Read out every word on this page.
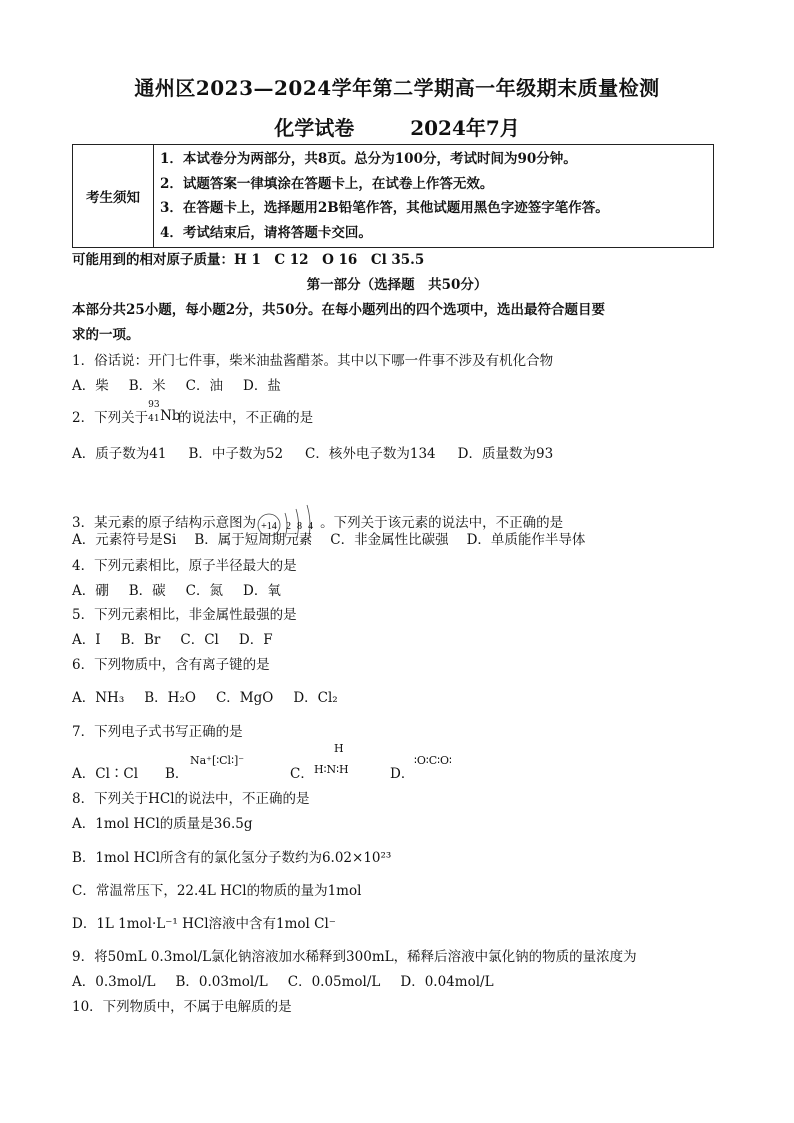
通州区2023—2024学年第二学期高一年级期末质量检测
化学试卷	2024年7月
考生须知	
1．本试卷分为两部分，共8页。总分为100分，考试时间为90分钟。
2．试题答案一律填涂在答题卡上，在试卷上作答无效。
3．在答题卡上，选择题用2B铅笔作答，其他试题用黑色字迹签字笔作答。
4．考试结束后，请将答题卡交回。
可能用到的相对原子质量：H 1　C 12　O 16　Cl 35.5
第一部分（选择题　共50分）
本部分共25小题，每小题2分，共50分。在每小题列出的四个选项中，选出最符合题目要
求的一项。
1．俗话说：开门七件事，柴米油盐酱醋茶。其中以下哪一件事不涉及有机化合物
A．柴 B．米 C．油 D．盐
2．下列关于
93
41 Nb
的说法中，不正确的是
A．质子数为41 B．中子数为52 C．核外电子数为134 D．质量数为93
3．某元素的原子结构示意图为 +14 2 8 4 。下列关于该元素的说法中，不正确的是
A．元素符号是Si B．属于短周期元素 C．非金属性比碳强 D．单质能作半导体
4．下列元素相比，原子半径最大的是
A．硼 B．碳 C．氮 D．氧
5．下列元素相比，非金属性最强的是
A．I B．Br C．Cl D．F
6．下列物质中，含有离子键的是
A．NH₃ B．H₂O C．MgO D．Cl₂
7．下列电子式书写正确的是
A．Cl∶Cl B．
Na⁺[∶Cl∶]⁻
C．
H
H∶N∶H	D．
∶O∶C∶O∶
8．下列关于HCl的说法中，不正确的是
A．1mol HCl的质量是36.5g
B．1mol HCl所含有的氯化氢分子数约为6.02×10²³
C．常温常压下，22.4L HCl的物质的量为1mol
D．1L 1mol·L⁻¹ HCl溶液中含有1mol Cl⁻
9．将50mL 0.3mol/L氯化钠溶液加水稀释到300mL，稀释后溶液中氯化钠的物质的量浓度为
A．0.3mol/L B．0.03mol/L C．0.05mol/L D．0.04mol/L
10．下列物质中，不属于电解质的是
